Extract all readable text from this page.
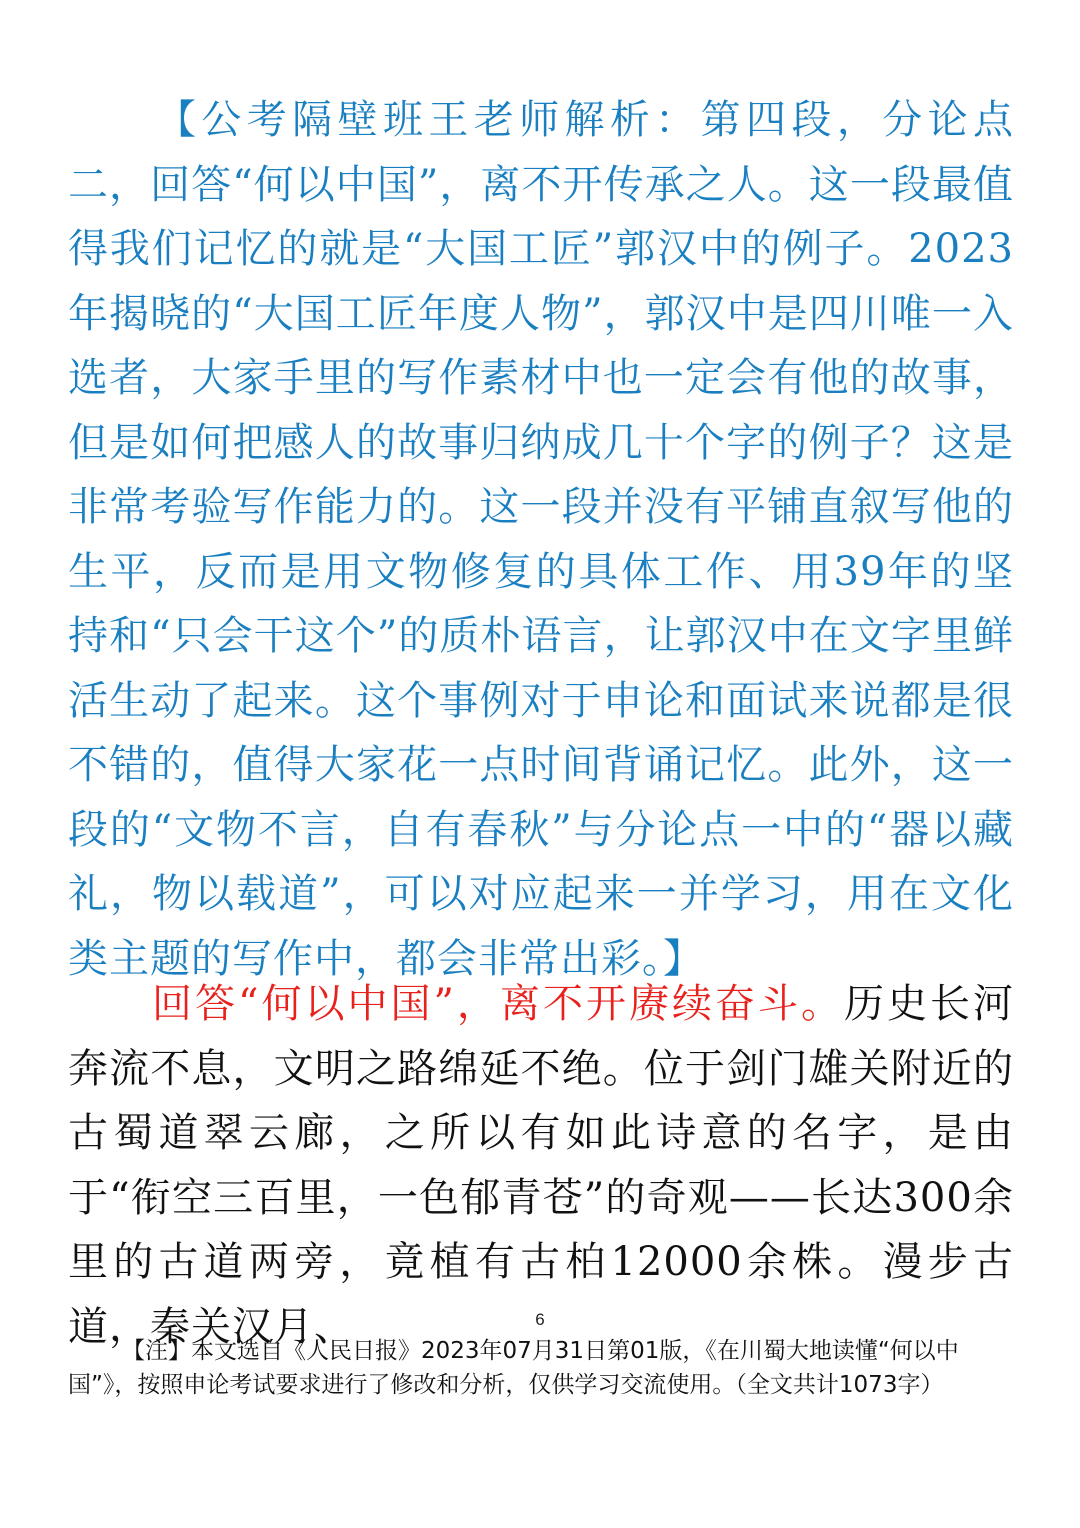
【公考隔壁班王老师解析：第四段，分论点二，回答“何以中国”，离不开传承之人。这一段最值得我们记忆的就是“大国工匠”郭汉中的例子。2023年揭晓的“大国工匠年度人物”，郭汉中是四川唯一入选者，大家手里的写作素材中也一定会有他的故事，但是如何把感人的故事归纳成几十个字的例子？这是非常考验写作能力的。这一段并没有平铺直叙写他的生平，反而是用文物修复的具体工作、用39年的坚持和“只会干这个”的质朴语言，让郭汉中在文字里鲜活生动了起来。这个事例对于申论和面试来说都是很不错的，值得大家花一点时间背诵记忆。此外，这一段的“文物不言，自有春秋”与分论点一中的“器以藏礼，物以载道”，可以对应起来一并学习，用在文化类主题的写作中，都会非常出彩。】

回答“何以中国”，离不开赓续奋斗。历史长河奔流不息，文明之路绵延不绝。位于剑门雄关附近的古蜀道翠云廊，之所以有如此诗意的名字，是由于“衔空三百里，一色郁青苍”的奇观——长达300余里的古道两旁，竟植有古柏12000余株。漫步古道，秦关汉月、	6

【注】本文选自《人民日报》2023年07月31日第01版，《在川蜀大地读懂“何以中国”》，按照申论考试要求进行了修改和分析，仅供学习交流使用。（全文共计1073字）
